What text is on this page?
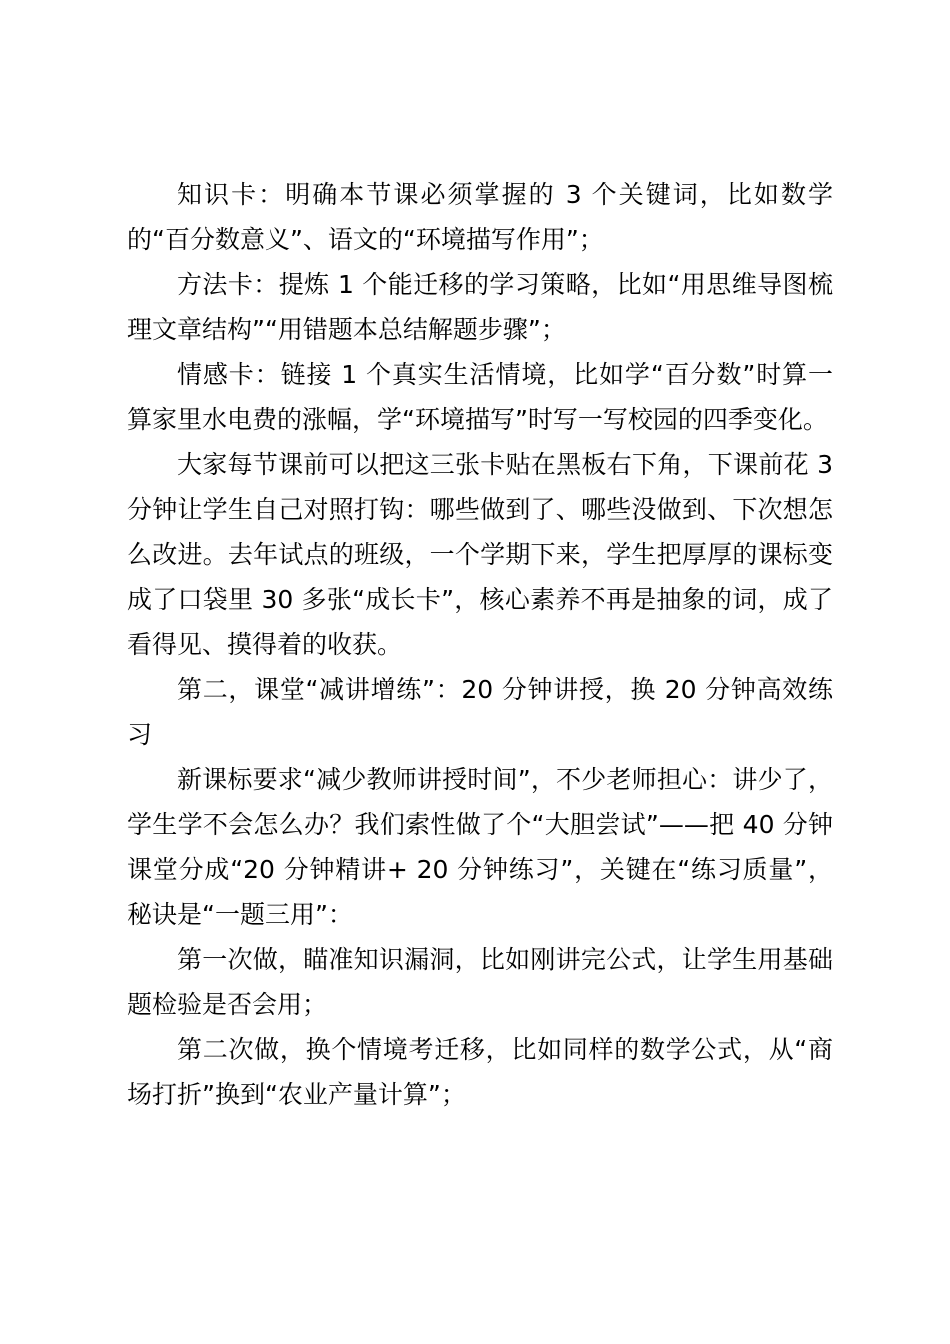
知识卡：明确本节课必须掌握的 3 个关键词，比如数学的“百分数意义”、语文的“环境描写作用”；

方法卡：提炼 1 个能迁移的学习策略，比如“用思维导图梳理文章结构”“用错题本总结解题步骤”；

情感卡：链接 1 个真实生活情境，比如学“百分数”时算一算家里水电费的涨幅，学“环境描写”时写一写校园的四季变化。

大家每节课前可以把这三张卡贴在黑板右下角，下课前花 3 分钟让学生自己对照打钩：哪些做到了、哪些没做到、下次想怎么改进。去年试点的班级，一个学期下来，学生把厚厚的课标变成了口袋里 30 多张“成长卡”，核心素养不再是抽象的词，成了看得见、摸得着的收获。

第二，课堂“减讲增练”：20 分钟讲授，换 20 分钟高效练习

新课标要求“减少教师讲授时间”，不少老师担心：讲少了，学生学不会怎么办？我们索性做了个“大胆尝试”——把 40 分钟课堂分成“20 分钟精讲+ 20 分钟练习”，关键在“练习质量”，秘诀是“一题三用”：

第一次做，瞄准知识漏洞，比如刚讲完公式，让学生用基础题检验是否会用；

第二次做，换个情境考迁移，比如同样的数学公式，从“商场打折”换到“农业产量计算”；
